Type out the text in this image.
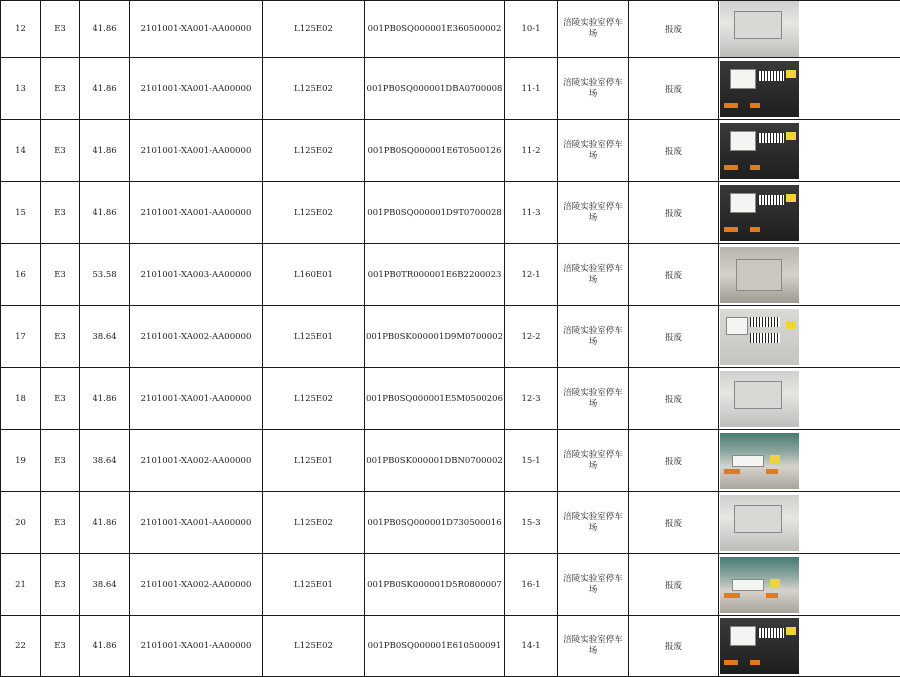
12	E3	41.86	2101001-XA001-AA00000	L125E02	001PB0SQ000001E360500002	10-1	涪陵实验室停车场	报废	

13	E3	41.86	2101001-XA001-AA00000	L125E02	001PB0SQ000001DBA0700008	11-1	涪陵实验室停车场	报废	

14	E3	41.86	2101001-XA001-AA00000	L125E02	001PB0SQ000001E6T0500126	11-2	涪陵实验室停车场	报废	

15	E3	41.86	2101001-XA001-AA00000	L125E02	001PB0SQ000001D9T0700028	11-3	涪陵实验室停车场	报废	

16	E3	53.58	2101001-XA003-AA00000	L160E01	001PB0TR000001E6B2200023	12-1	涪陵实验室停车场	报废	

17	E3	38.64	2101001-XA002-AA00000	L125E01	001PB0SK000001D9M0700002	12-2	涪陵实验室停车场	报废	

18	E3	41.86	2101001-XA001-AA00000	L125E02	001PB0SQ000001E5M0500206	12-3	涪陵实验室停车场	报废	

19	E3	38.64	2101001-XA002-AA00000	L125E01	001PB0SK000001DBN0700002	15-1	涪陵实验室停车场	报废	

20	E3	41.86	2101001-XA001-AA00000	L125E02	001PB0SQ000001D730500016	15-3	涪陵实验室停车场	报废	

21	E3	38.64	2101001-XA002-AA00000	L125E01	001PB0SK000001D5R0800007	16-1	涪陵实验室停车场	报废	

22	E3	41.86	2101001-XA001-AA00000	L125E02	001PB0SQ000001E610500091	14-1	涪陵实验室停车场	报废	
